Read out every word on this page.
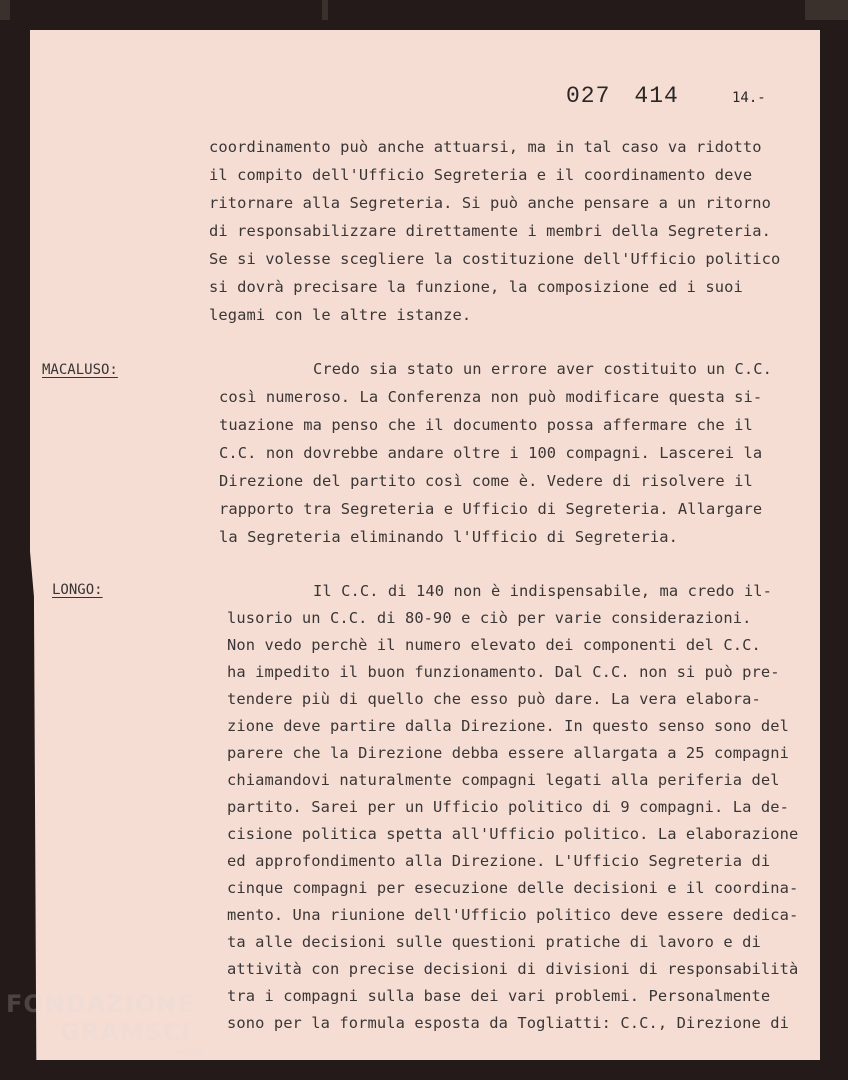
027 414	14.-
coordinamento può anche attuarsi, ma in tal caso va ridotto
il compito dell'Ufficio Segreteria e il coordinamento deve
ritornare alla Segreteria. Si può anche pensare a un ritorno
di responsabilizzare direttamente i membri della Segreteria.
Se si volesse scegliere la costituzione dell'Ufficio politico
si dovrà precisare la funzione, la composizione ed i suoi
legami con le altre istanze.
MACALUSO:	Credo sia stato un errore aver costituito un C.C.
così numeroso. La Conferenza non può modificare questa si-
tuazione ma penso che il documento possa affermare che il
C.C. non dovrebbe andare oltre i 100 compagni. Lascerei la
Direzione del partito così come è. Vedere di risolvere il
rapporto tra Segreteria e Ufficio di Segreteria. Allargare
la Segreteria eliminando l'Ufficio di Segreteria.
LONGO:	Il C.C. di 140 non è indispensabile, ma credo il-
lusorio un C.C. di 80-90 e ciò per varie considerazioni.
Non vedo perchè il numero elevato dei componenti del C.C.
ha impedito il buon funzionamento. Dal C.C. non si può pre-
tendere più di quello che esso può dare. La vera elabora-
zione deve partire dalla Direzione. In questo senso sono del
parere che la Direzione debba essere allargata a 25 compagni
chiamandovi naturalmente compagni legati alla periferia del
partito. Sarei per un Ufficio politico di 9 compagni. La de-
cisione politica spetta all'Ufficio politico. La elaborazione
ed approfondimento alla Direzione. L'Ufficio Segreteria di
cinque compagni per esecuzione delle decisioni e il coordina-
mento. Una riunione dell'Ufficio politico deve essere dedica-
ta alle decisioni sulle questioni pratiche di lavoro e di
attività con precise decisioni di divisioni di responsabilità
tra i compagni sulla base dei vari problemi. Personalmente
sono per la formula esposta da Togliatti: C.C., Direzione di
FONDAZIONE
GRAMSCI
onlus
